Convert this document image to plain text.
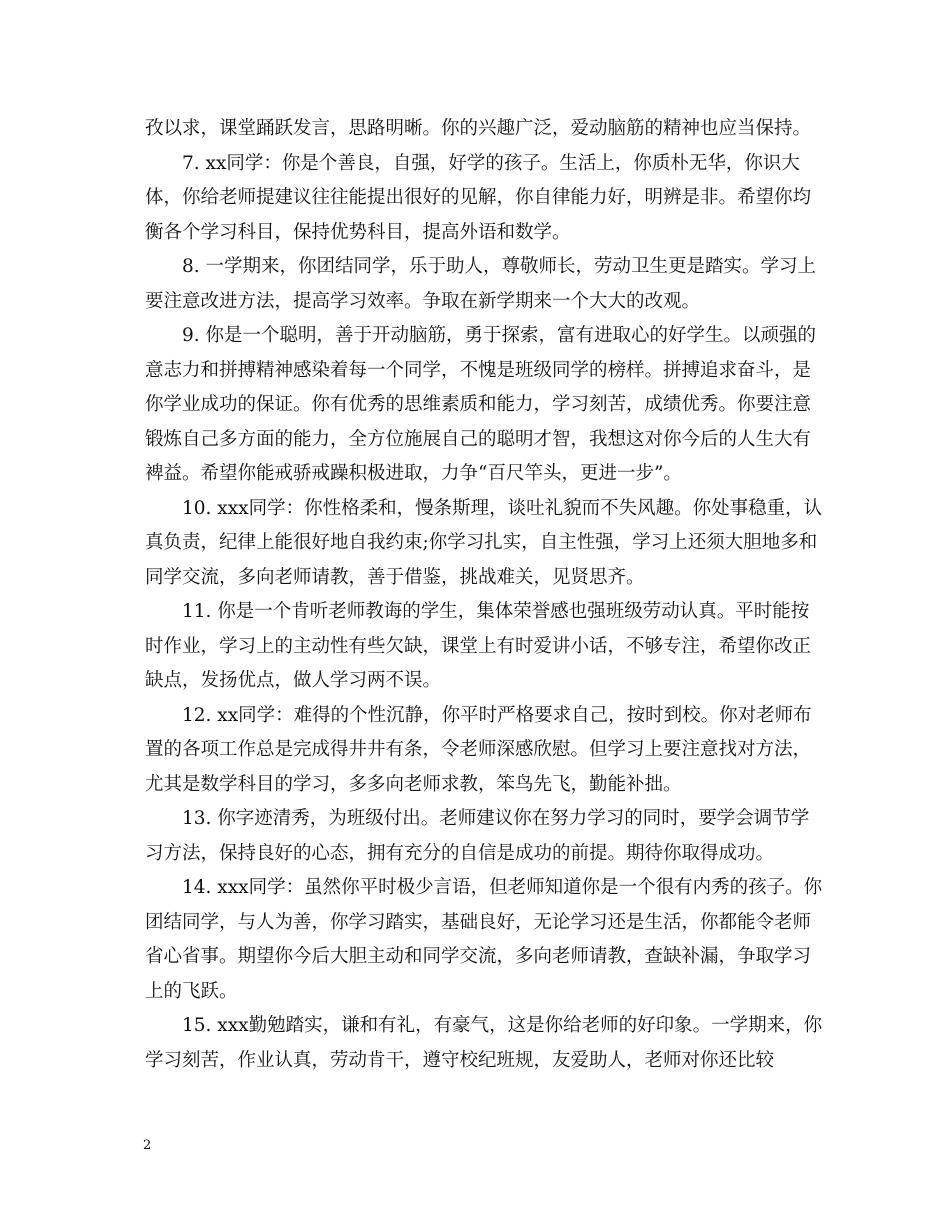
孜以求，课堂踊跃发言，思路明晰。你的兴趣广泛，爱动脑筋的精神也应当保持。

7. xx同学：你是个善良，自强，好学的孩子。生活上，你质朴无华，你识大体，你给老师提建议往往能提出很好的见解，你自律能力好，明辨是非。希望你均衡各个学习科目，保持优势科目，提高外语和数学。

8. 一学期来，你团结同学，乐于助人，尊敬师长，劳动卫生更是踏实。学习上要注意改进方法，提高学习效率。争取在新学期来一个大大的改观。

9. 你是一个聪明，善于开动脑筋，勇于探索，富有进取心的好学生。以顽强的意志力和拼搏精神感染着每一个同学，不愧是班级同学的榜样。拼搏追求奋斗，是你学业成功的保证。你有优秀的思维素质和能力，学习刻苦，成绩优秀。你要注意锻炼自己多方面的能力，全方位施展自己的聪明才智，我想这对你今后的人生大有裨益。希望你能戒骄戒躁积极进取，力争“百尺竿头，更进一步”。

10. xxx同学：你性格柔和，慢条斯理，谈吐礼貌而不失风趣。你处事稳重，认真负责，纪律上能很好地自我约束;你学习扎实，自主性强，学习上还须大胆地多和同学交流，多向老师请教，善于借鉴，挑战难关，见贤思齐。

11. 你是一个肯听老师教诲的学生，集体荣誉感也强班级劳动认真。平时能按时作业，学习上的主动性有些欠缺，课堂上有时爱讲小话，不够专注，希望你改正缺点，发扬优点，做人学习两不误。

12. xx同学：难得的个性沉静，你平时严格要求自己，按时到校。你对老师布置的各项工作总是完成得井井有条，令老师深感欣慰。但学习上要注意找对方法，尤其是数学科目的学习，多多向老师求教，笨鸟先飞，勤能补拙。

13. 你字迹清秀，为班级付出。老师建议你在努力学习的同时，要学会调节学习方法，保持良好的心态，拥有充分的自信是成功的前提。期待你取得成功。

14. xxx同学：虽然你平时极少言语，但老师知道你是一个很有内秀的孩子。你团结同学，与人为善，你学习踏实，基础良好，无论学习还是生活，你都能令老师省心省事。期望你今后大胆主动和同学交流，多向老师请教，查缺补漏，争取学习上的飞跃。

15. xxx勤勉踏实，谦和有礼，有豪气，这是你给老师的好印象。一学期来，你学习刻苦，作业认真，劳动肯干，遵守校纪班规，友爱助人，老师对你还比较

2
